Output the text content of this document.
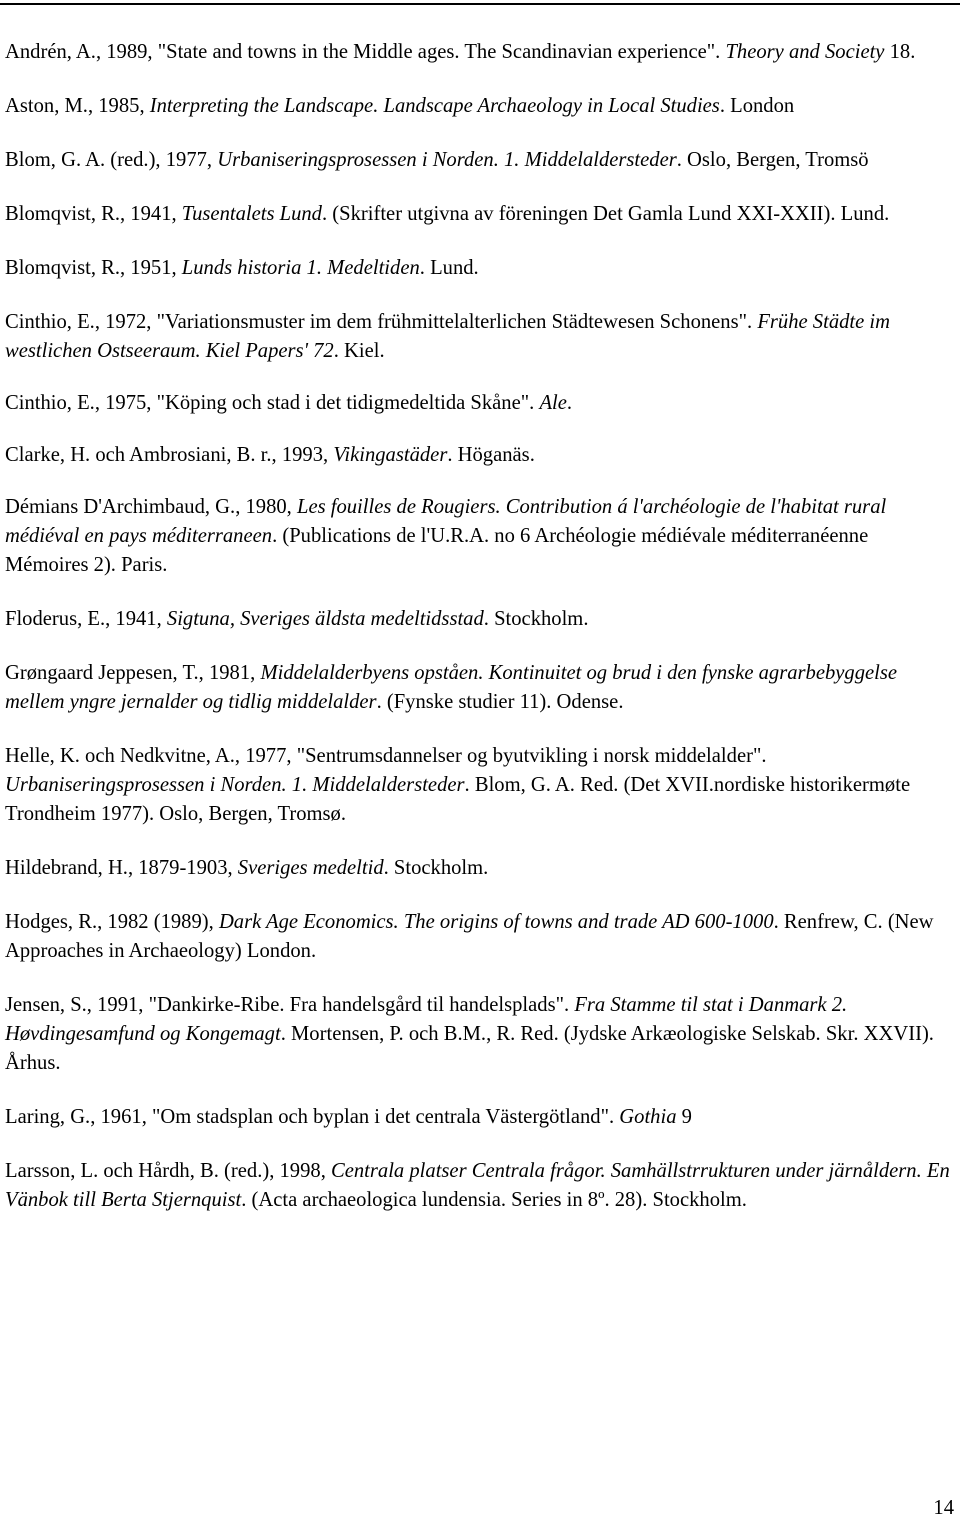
Andrén, A., 1989, "State and towns in the Middle ages. The Scandinavian experience". Theory and Society 18.

Aston, M., 1985, Interpreting the Landscape. Landscape Archaeology in Local Studies. London

Blom, G. A. (red.), 1977, Urbaniseringsprosessen i Norden. 1. Middelaldersteder. Oslo, Bergen, Tromsö

Blomqvist, R., 1941, Tusentalets Lund. (Skrifter utgivna av föreningen Det Gamla Lund XXI-XXII). Lund.

Blomqvist, R., 1951, Lunds historia 1. Medeltiden. Lund.

Cinthio, E., 1972, "Variationsmuster im dem frühmittelalterlichen Städtewesen Schonens". Frühe Städte im westlichen Ostseeraum. Kiel Papers' 72. Kiel.

Cinthio, E., 1975, "Köping och stad i det tidigmedeltida Skåne". Ale.

Clarke, H. och Ambrosiani, B. r., 1993, Vikingastäder. Höganäs.

Démians D'Archimbaud, G., 1980, Les fouilles de Rougiers. Contribution á l'archéologie de l'habitat rural médiéval en pays méditerraneen. (Publications de l'U.R.A. no 6 Archéologie médiévale méditerranéenne Mémoires 2). Paris.

Floderus, E., 1941, Sigtuna, Sveriges äldsta medeltidsstad. Stockholm.

Grøngaard Jeppesen, T., 1981, Middelalderbyens opståen. Kontinuitet og brud i den fynske agrarbebyggelse mellem yngre jernalder og tidlig middelalder. (Fynske studier 11). Odense.

Helle, K. och Nedkvitne, A., 1977, "Sentrumsdannelser og byutvikling i norsk middelalder". Urbaniseringsprosessen i Norden. 1. Middelaldersteder. Blom, G. A. Red. (Det XVII.nordiske historikermøte Trondheim 1977). Oslo, Bergen, Tromsø.

Hildebrand, H., 1879-1903, Sveriges medeltid. Stockholm.

Hodges, R., 1982 (1989), Dark Age Economics. The origins of towns and trade AD 600-1000. Renfrew, C. (New Approaches in Archaeology) London.

Jensen, S., 1991, "Dankirke-Ribe. Fra handelsgård til handelsplads". Fra Stamme til stat i Danmark 2. Høvdingesamfund og Kongemagt. Mortensen, P. och B.M., R. Red. (Jydske Arkæologiske Selskab. Skr. XXVII). Århus.

Laring, G., 1961, "Om stadsplan och byplan i det centrala Västergötland". Gothia 9

Larsson, L. och Hårdh, B. (red.), 1998, Centrala platser Centrala frågor. Samhällstrrukturen under järnåldern. En Vänbok till Berta Stjernquist. (Acta archaeologica lundensia. Series in 8º. 28). Stockholm.

14
